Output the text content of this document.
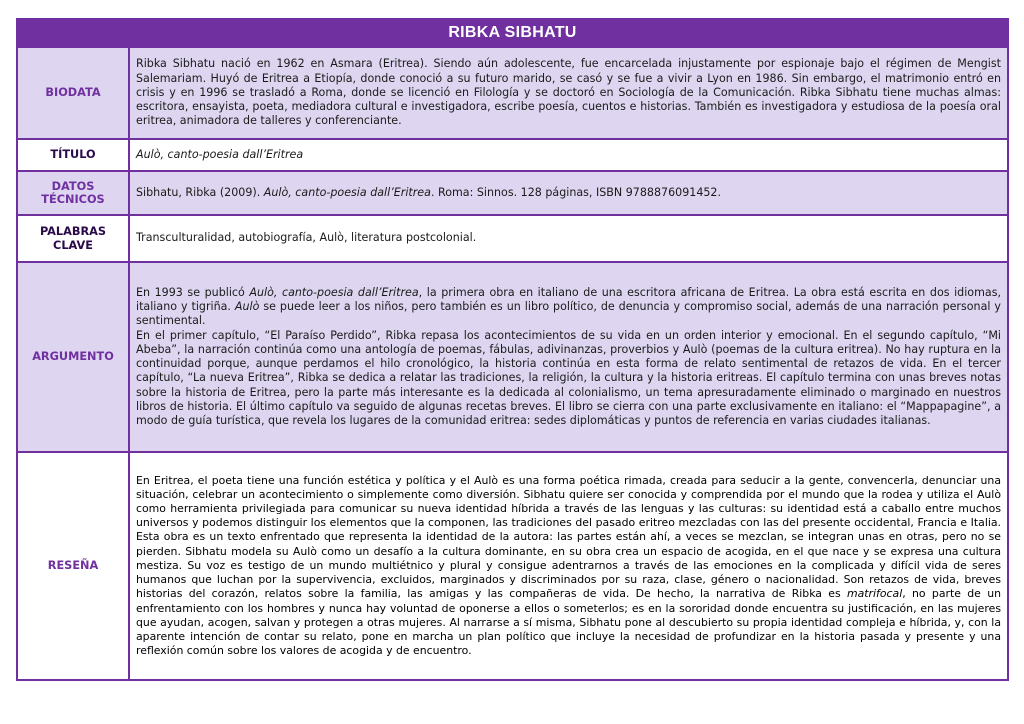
RIBKA SIBHATU
BIODATA

Ribka Sibhatu nació en 1962 en Asmara (Eritrea). Siendo aún adolescente, fue encarcelada injustamente por espionaje bajo el régimen de Mengist Salemariam. Huyó de Eritrea a Etiopía, donde conoció a su futuro marido, se casó y se fue a vivir a Lyon en 1986. Sin embargo, el matrimonio entró en crisis y en 1996 se trasladó a Roma, donde se licenció en Filología y se doctoró en Sociología de la Comunicación. Ribka Sibhatu tiene muchas almas: escritora, ensayista, poeta, mediadora cultural e investigadora, escribe poesía, cuentos e historias. También es investigadora y estudiosa de la poesía oral eritrea, animadora de talleres y conferenciante.

TÍTULO	Aulò, canto-poesia dall’Eritrea

DATOS
TÉCNICOS

Sibhatu, Ribka (2009). Aulò, canto-poesia dall’Eritrea. Roma: Sinnos. 128 páginas, ISBN 9788876091452.

PALABRAS
CLAVE

Transculturalidad, autobiografía, Aulò, literatura postcolonial.

ARGUMENTO

En 1993 se publicó Aulò, canto-poesia dall’Eritrea, la primera obra en italiano de una escritora africana de Eritrea. La obra está escrita en dos idiomas, italiano y tigriña. Aulò se puede leer a los niños, pero también es un libro político, de denuncia y compromiso social, además de una narración personal y sentimental.

En el primer capítulo, “El Paraíso Perdido”, Ribka repasa los acontecimientos de su vida en un orden interior y emocional. En el segundo capítulo, “Mi Abeba”, la narración continúa como una antología de poemas, fábulas, adivinanzas, proverbios y Aulò (poemas de la cultura eritrea). No hay ruptura en la continuidad porque, aunque perdamos el hilo cronológico, la historia continúa en esta forma de relato sentimental de retazos de vida. En el tercer capítulo, “La nueva Eritrea”, Ribka se dedica a relatar las tradiciones, la religión, la cultura y la historia eritreas. El capítulo termina con unas breves notas sobre la historia de Eritrea, pero la parte más interesante es la dedicada al colonialismo, un tema apresuradamente eliminado o marginado en nuestros libros de historia. El último capítulo va seguido de algunas recetas breves. El libro se cierra con una parte exclusivamente en italiano: el “Mappapagine”, a modo de guía turística, que revela los lugares de la comunidad eritrea: sedes diplomáticas y puntos de referencia en varias ciudades italianas.

RESEÑA

En Eritrea, el poeta tiene una función estética y política y el Aulò es una forma poética rimada, creada para seducir a la gente, convencerla, denunciar una situación, celebrar un acontecimiento o simplemente como diversión. Sibhatu quiere ser conocida y comprendida por el mundo que la rodea y utiliza el Aulò como herramienta privilegiada para comunicar su nueva identidad híbrida a través de las lenguas y las culturas: su identidad está a caballo entre muchos universos y podemos distinguir los elementos que la componen, las tradiciones del pasado eritreo mezcladas con las del presente occidental, Francia e Italia. Esta obra es un texto enfrentado que representa la identidad de la autora: las partes están ahí, a veces se mezclan, se integran unas en otras, pero no se pierden. Sibhatu modela su Aulò como un desafío a la cultura dominante, en su obra crea un espacio de acogida, en el que nace y se expresa una cultura mestiza. Su voz es testigo de un mundo multiétnico y plural y consigue adentrarnos a través de las emociones en la complicada y difícil vida de seres humanos que luchan por la supervivencia, excluidos, marginados y discriminados por su raza, clase, género o nacionalidad. Son retazos de vida, breves historias del corazón, relatos sobre la familia, las amigas y las compañeras de vida. De hecho, la narrativa de Ribka es matrifocal, no parte de un enfrentamiento con los hombres y nunca hay voluntad de oponerse a ellos o someterlos; es en la sororidad donde encuentra su justificación, en las mujeres que ayudan, acogen, salvan y protegen a otras mujeres. Al narrarse a sí misma, Sibhatu pone al descubierto su propia identidad compleja e híbrida, y, con la aparente intención de contar su relato, pone en marcha un plan político que incluye la necesidad de profundizar en la historia pasada y presente y una reflexión común sobre los valores de acogida y de encuentro.
